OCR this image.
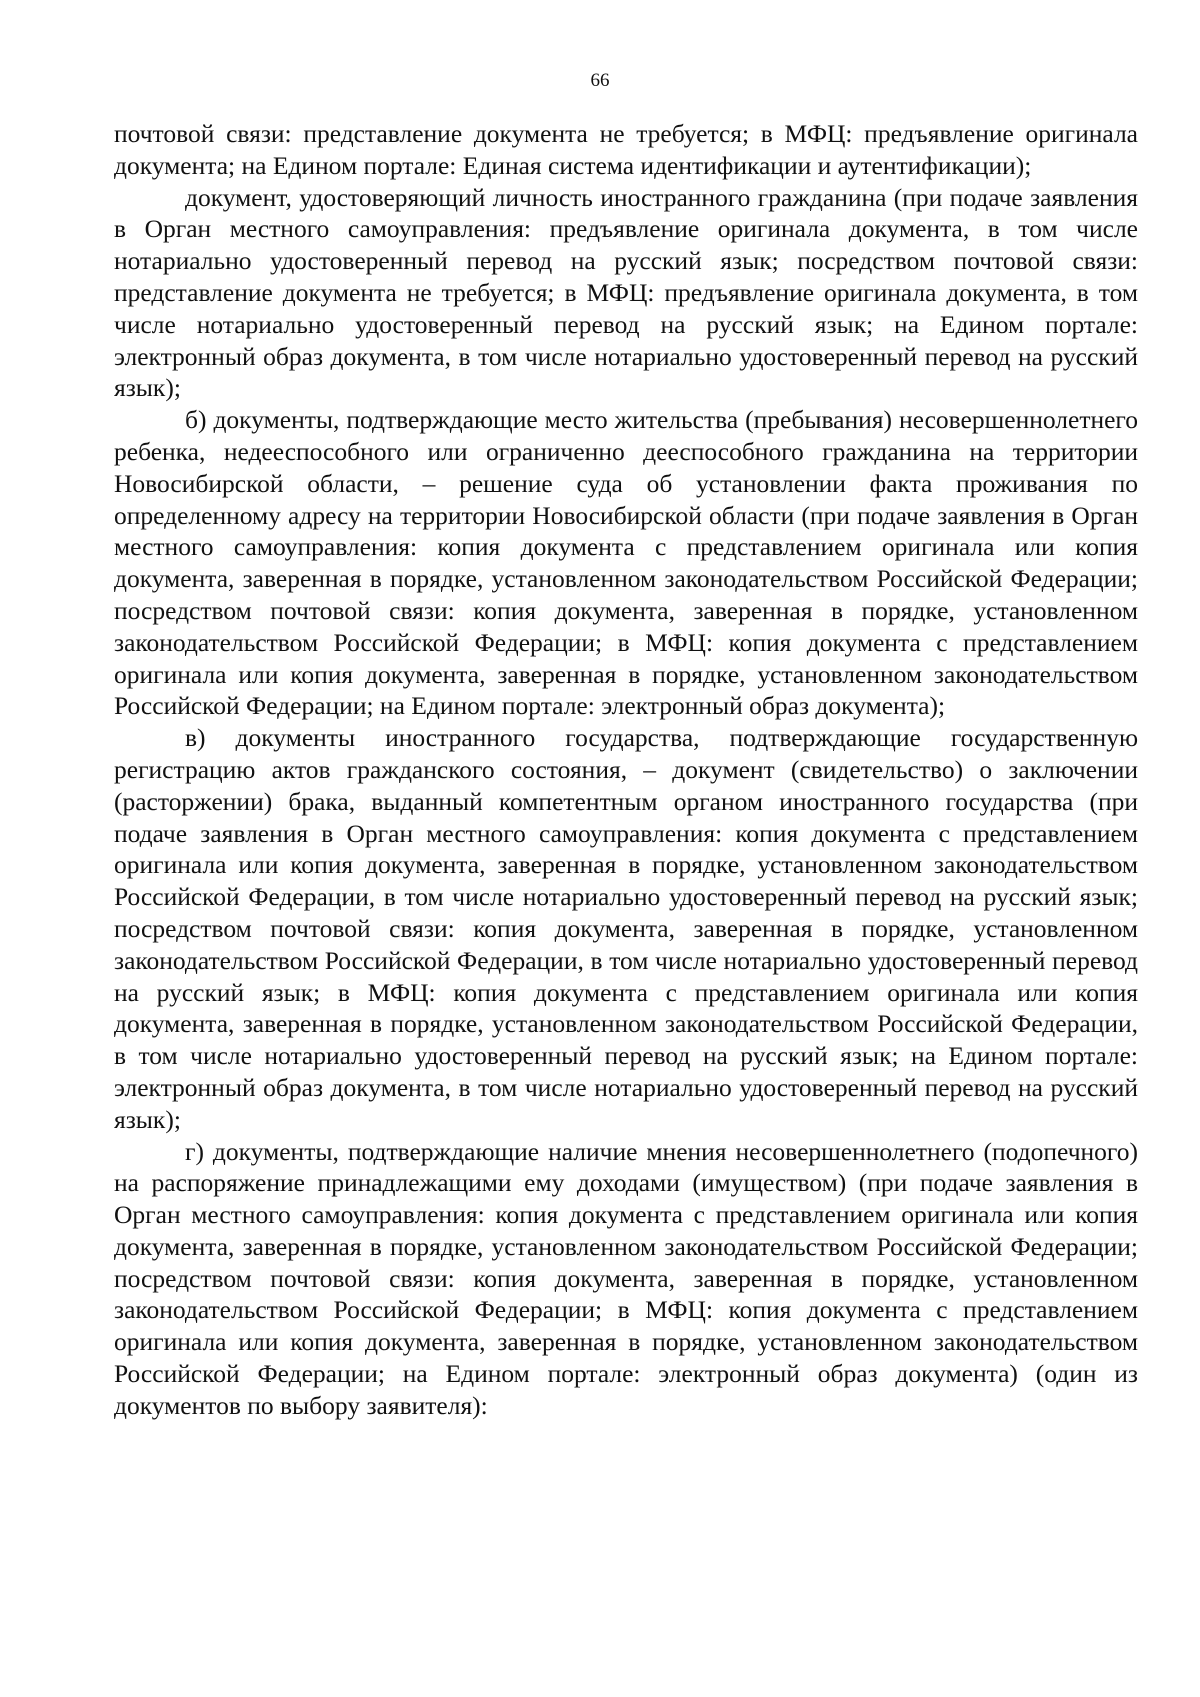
66

почтовой связи: представление документа не требуется; в МФЦ: предъявление оригинала документа; на Едином портале: Единая система идентификации и аутентификации);

документ, удостоверяющий личность иностранного гражданина (при подаче заявления в Орган местного самоуправления: предъявление оригинала документа, в том числе нотариально удостоверенный перевод на русский язык; посредством почтовой связи: представление документа не требуется; в МФЦ: предъявление оригинала документа, в том числе нотариально удостоверенный перевод на русский язык; на Едином портале: электронный образ документа, в том числе нотариально удостоверенный перевод на русский язык);

б) документы, подтверждающие место жительства (пребывания) несовершеннолетнего ребенка, недееспособного или ограниченно дееспособного гражданина на территории Новосибирской области, – решение суда об установлении факта проживания по определенному адресу на территории Новосибирской области (при подаче заявления в Орган местного самоуправления: копия документа с представлением оригинала или копия документа, заверенная в порядке, установленном законодательством Российской Федерации; посредством почтовой связи: копия документа, заверенная в порядке, установленном законодательством Российской Федерации; в МФЦ: копия документа с представлением оригинала или копия документа, заверенная в порядке, установленном законодательством Российской Федерации; на Едином портале: электронный образ документа);

в) документы иностранного государства, подтверждающие государственную регистрацию актов гражданского состояния, – документ (свидетельство) о заключении (расторжении) брака, выданный компетентным органом иностранного государства (при подаче заявления в Орган местного самоуправления: копия документа с представлением оригинала или копия документа, заверенная в порядке, установленном законодательством Российской Федерации, в том числе нотариально удостоверенный перевод на русский язык; посредством почтовой связи: копия документа, заверенная в порядке, установленном законодательством Российской Федерации, в том числе нотариально удостоверенный перевод на русский язык; в МФЦ: копия документа с представлением оригинала или копия документа, заверенная в порядке, установленном законодательством Российской Федерации, в том числе нотариально удостоверенный перевод на русский язык; на Едином портале: электронный образ документа, в том числе нотариально удостоверенный перевод на русский язык);

г) документы, подтверждающие наличие мнения несовершеннолетнего (подопечного) на распоряжение принадлежащими ему доходами (имуществом) (при подаче заявления в Орган местного самоуправления: копия документа с представлением оригинала или копия документа, заверенная в порядке, установленном законодательством Российской Федерации; посредством почтовой связи: копия документа, заверенная в порядке, установленном законодательством Российской Федерации; в МФЦ: копия документа с представлением оригинала или копия документа, заверенная в порядке, установленном законодательством Российской Федерации; на Едином портале: электронный образ документа) (один из документов по выбору заявителя):
